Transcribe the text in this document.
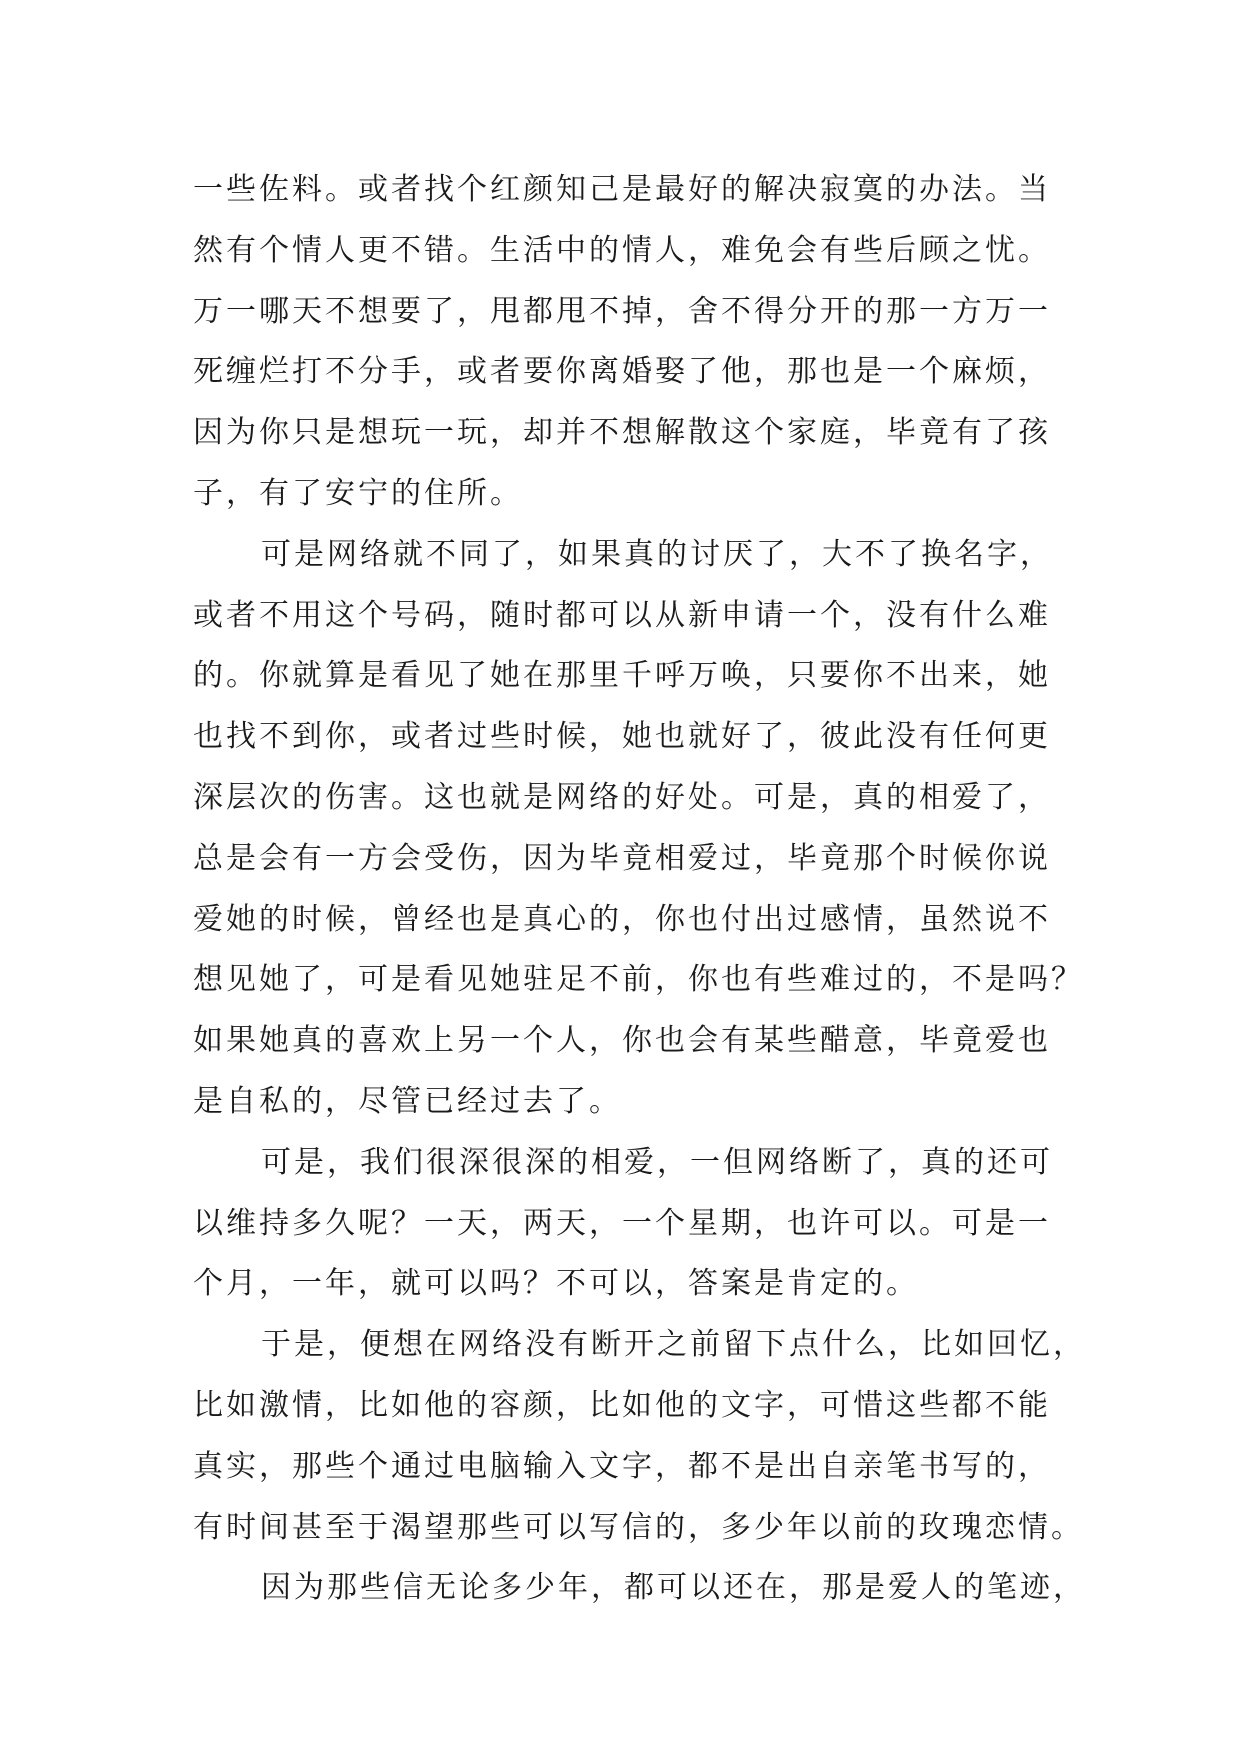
一些佐料。或者找个红颜知己是最好的解决寂寞的办法。当
然有个情人更不错。生活中的情人，难免会有些后顾之忧。
万一哪天不想要了，甩都甩不掉，舍不得分开的那一方万一
死缠烂打不分手，或者要你离婚娶了他，那也是一个麻烦，
因为你只是想玩一玩，却并不想解散这个家庭，毕竟有了孩
子，有了安宁的住所。
可是网络就不同了，如果真的讨厌了，大不了换名字，
或者不用这个号码，随时都可以从新申请一个，没有什么难
的。你就算是看见了她在那里千呼万唤，只要你不出来，她
也找不到你，或者过些时候，她也就好了，彼此没有任何更
深层次的伤害。这也就是网络的好处。可是，真的相爱了，
总是会有一方会受伤，因为毕竟相爱过，毕竟那个时候你说
爱她的时候，曾经也是真心的，你也付出过感情，虽然说不
想见她了，可是看见她驻足不前，你也有些难过的，不是吗？
如果她真的喜欢上另一个人，你也会有某些醋意，毕竟爱也
是自私的，尽管已经过去了。
可是，我们很深很深的相爱，一但网络断了，真的还可
以维持多久呢？一天，两天，一个星期，也许可以。可是一
个月，一年，就可以吗？不可以，答案是肯定的。
于是，便想在网络没有断开之前留下点什么，比如回忆，
比如激情，比如他的容颜，比如他的文字，可惜这些都不能
真实，那些个通过电脑输入文字，都不是出自亲笔书写的，
有时间甚至于渴望那些可以写信的，多少年以前的玫瑰恋情。
因为那些信无论多少年，都可以还在，那是爱人的笔迹，
